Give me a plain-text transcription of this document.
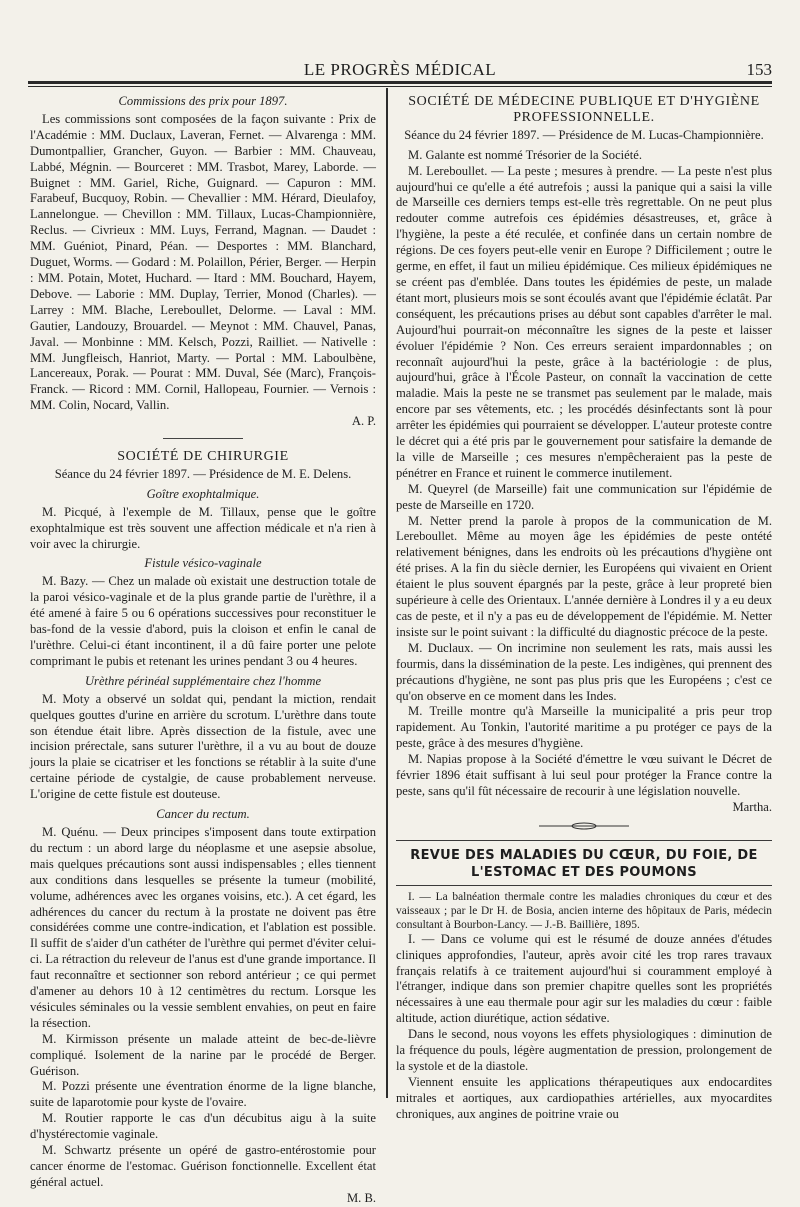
LE PROGRÈS MÉDICAL	153

Commissions des prix pour 1897.

Les commissions sont composées de la façon suivante : Prix de l'Académie : MM. Duclaux, Laveran, Fernet. — Alvarenga : MM. Dumontpallier, Grancher, Guyon. — Barbier : MM. Chauveau, Labbé, Mégnin. — Bourceret : MM. Trasbot, Marey, Laborde. — Buignet : MM. Gariel, Riche, Guignard. — Capuron : MM. Farabeuf, Bucquoy, Robin. — Chevallier : MM. Hérard, Dieulafoy, Lannelongue. — Chevillon : MM. Tillaux, Lucas-Championnière, Reclus. — Civrieux : MM. Luys, Ferrand, Magnan. — Daudet : MM. Guéniot, Pinard, Péan. — Desportes : MM. Blanchard, Duguet, Worms. — Godard : M. Polaillon, Périer, Berger. — Herpin : MM. Potain, Motet, Huchard. — Itard : MM. Bouchard, Hayem, Debove. — Laborie : MM. Duplay, Terrier, Monod (Charles). — Larrey : MM. Blache, Lereboullet, Delorme. — Laval : MM. Gautier, Landouzy, Brouardel. — Meynot : MM. Chauvel, Panas, Javal. — Monbinne : MM. Kelsch, Pozzi, Railliet. — Nativelle : MM. Jungfleisch, Hanriot, Marty. — Portal : MM. Laboulbène, Lancereaux, Porak. — Pourat : MM. Duval, Sée (Marc), François-Franck. — Ricord : MM. Cornil, Hallopeau, Fournier. — Vernois : MM. Colin, Nocard, Vallin.

A. P.

SOCIÉTÉ DE CHIRURGIE

Séance du 24 février 1897. — Présidence de M. E. Delens.

Goître exophtalmique.

M. Picqué, à l'exemple de M. Tillaux, pense que le goître exophtalmique est très souvent une affection médicale et n'a rien à voir avec la chirurgie.

Fistule vésico-vaginale

M. Bazy. — Chez un malade où existait une destruction totale de la paroi vésico-vaginale et de la plus grande partie de l'urèthre, il a été amené à faire 5 ou 6 opérations successives pour reconstituer le bas-fond de la vessie d'abord, puis la cloison et enfin le canal de l'urèthre. Celui-ci étant incontinent, il a dû faire porter une pelote comprimant le pubis et retenant les urines pendant 3 ou 4 heures.

Urèthre périnéal supplémentaire chez l'homme

M. Moty a observé un soldat qui, pendant la miction, rendait quelques gouttes d'urine en arrière du scrotum. L'urèthre dans toute son étendue était libre. Après dissection de la fistule, avec une incision prérectale, sans suturer l'urèthre, il a vu au bout de douze jours la plaie se cicatriser et les fonctions se rétablir à la suite d'une certaine période de cystalgie, de cause probablement nerveuse. L'origine de cette fistule est douteuse.

Cancer du rectum.

M. Quénu. — Deux principes s'imposent dans toute extirpation du rectum : un abord large du néoplasme et une asepsie absolue, mais quelques précautions sont aussi indispensables ; elles tiennent aux conditions dans lesquelles se présente la tumeur (mobilité, volume, adhérences avec les organes voisins, etc.). A cet égard, les adhérences du cancer du rectum à la prostate ne doivent pas être considérées comme une contre-indication, et l'ablation est possible. Il suffit de s'aider d'un cathéter de l'urèthre qui permet d'éviter celui-ci. La rétraction du releveur de l'anus est d'une grande importance. Il faut reconnaître et sectionner son rebord antérieur ; ce qui permet d'amener au dehors 10 à 12 centimètres du rectum. Lorsque les vésicules séminales ou la vessie semblent envahies, on peut en faire la résection.

M. Kirmisson présente un malade atteint de bec-de-lièvre compliqué. Isolement de la narine par le procédé de Berger. Guérison.

M. Pozzi présente une éventration énorme de la ligne blanche, suite de laparotomie pour kyste de l'ovaire.

M. Routier rapporte le cas d'un décubitus aigu à la suite d'hystérectomie vaginale.

M. Schwartz présente un opéré de gastro-entérostomie pour cancer énorme de l'estomac. Guérison fonctionnelle. Excellent état général actuel.

M. B.

SOCIÉTÉ DE MÉDECINE PUBLIQUE ET D'HYGIÈNE PROFESSIONNELLE.

Séance du 24 février 1897. — Présidence de M. Lucas-Championnière.

M. Galante est nommé Trésorier de la Société.

M. Lereboullet. — La peste ; mesures à prendre. — La peste n'est plus aujourd'hui ce qu'elle a été autrefois ; aussi la panique qui a saisi la ville de Marseille ces derniers temps est-elle très regrettable. On ne peut plus redouter comme autrefois ces épidémies désastreuses, et, grâce à l'hygiène, la peste a été reculée, et confinée dans un certain nombre de régions. De ces foyers peut-elle venir en Europe ? Difficilement ; outre le germe, en effet, il faut un milieu épidémique. Ces milieux épidémiques ne se créent pas d'emblée. Dans toutes les épidémies de peste, un malade étant mort, plusieurs mois se sont écoulés avant que l'épidémie éclatât. Par conséquent, les précautions prises au début sont capables d'arrêter le mal. Aujourd'hui pourrait-on méconnaître les signes de la peste et laisser évoluer l'épidémie ? Non. Ces erreurs seraient impardonnables ; on reconnaît aujourd'hui la peste, grâce à la bactériologie : de plus, aujourd'hui, grâce à l'École Pasteur, on connaît la vaccination de cette maladie. Mais la peste ne se transmet pas seulement par le malade, mais encore par ses vêtements, etc. ; les procédés désinfectants sont là pour arrêter les épidémies qui pourraient se développer. L'auteur proteste contre le décret qui a été pris par le gouvernement pour satisfaire la demande de la ville de Marseille ; ces mesures n'empêcheraient pas la peste de pénétrer en France et ruinent le commerce inutilement.

M. Queyrel (de Marseille) fait une communication sur l'épidémie de peste de Marseille en 1720.

M. Netter prend la parole à propos de la communication de M. Lereboullet. Même au moyen âge les épidémies de peste ontété relativement bénignes, dans les endroits où les précautions d'hygiène ont été prises. A la fin du siècle dernier, les Européens qui vivaient en Orient étaient le plus souvent épargnés par la peste, grâce à leur propreté bien supérieure à celle des Orientaux. L'année dernière à Londres il y a eu deux cas de peste, et il n'y a pas eu de développement de l'épidémie. M. Netter insiste sur le point suivant : la difficulté du diagnostic précoce de la peste.

M. Duclaux. — On incrimine non seulement les rats, mais aussi les fourmis, dans la dissémination de la peste. Les indigènes, qui prennent des précautions d'hygiène, ne sont pas plus pris que les Européens ; c'est ce qu'on observe en ce moment dans les Indes.

M. Treille montre qu'à Marseille la municipalité a pris peur trop rapidement. Au Tonkin, l'autorité maritime a pu protéger ce pays de la peste, grâce à des mesures d'hygiène.

M. Napias propose à la Société d'émettre le vœu suivant le Décret de février 1896 était suffisant à lui seul pour protéger la France contre la peste, sans qu'il fût nécessaire de recourir à une législation nouvelle.

Martha.

REVUE DES MALADIES DU CŒUR, DU FOIE, DE L'ESTOMAC ET DES POUMONS

I. — La balnéation thermale contre les maladies chroniques du cœur et des vaisseaux ; par le Dr H. de Bosia, ancien interne des hôpitaux de Paris, médecin consultant à Bourbon-Lancy. — J.-B. Baillière, 1895.

I. — Dans ce volume qui est le résumé de douze années d'études cliniques approfondies, l'auteur, après avoir cité les trop rares travaux français relatifs à ce traitement aujourd'hui si couramment employé à l'étranger, indique dans son premier chapitre quelles sont les propriétés nécessaires à une eau thermale pour agir sur les maladies du cœur : faible altitude, action diurétique, action sédative.

Dans le second, nous voyons les effets physiologiques : diminution de la fréquence du pouls, légère augmentation de pression, prolongement de la systole et de la diastole.

Viennent ensuite les applications thérapeutiques aux endocardites mitrales et aortiques, aux cardiopathies artérielles, aux myocardites chroniques, aux angines de poitrine vraie ou
